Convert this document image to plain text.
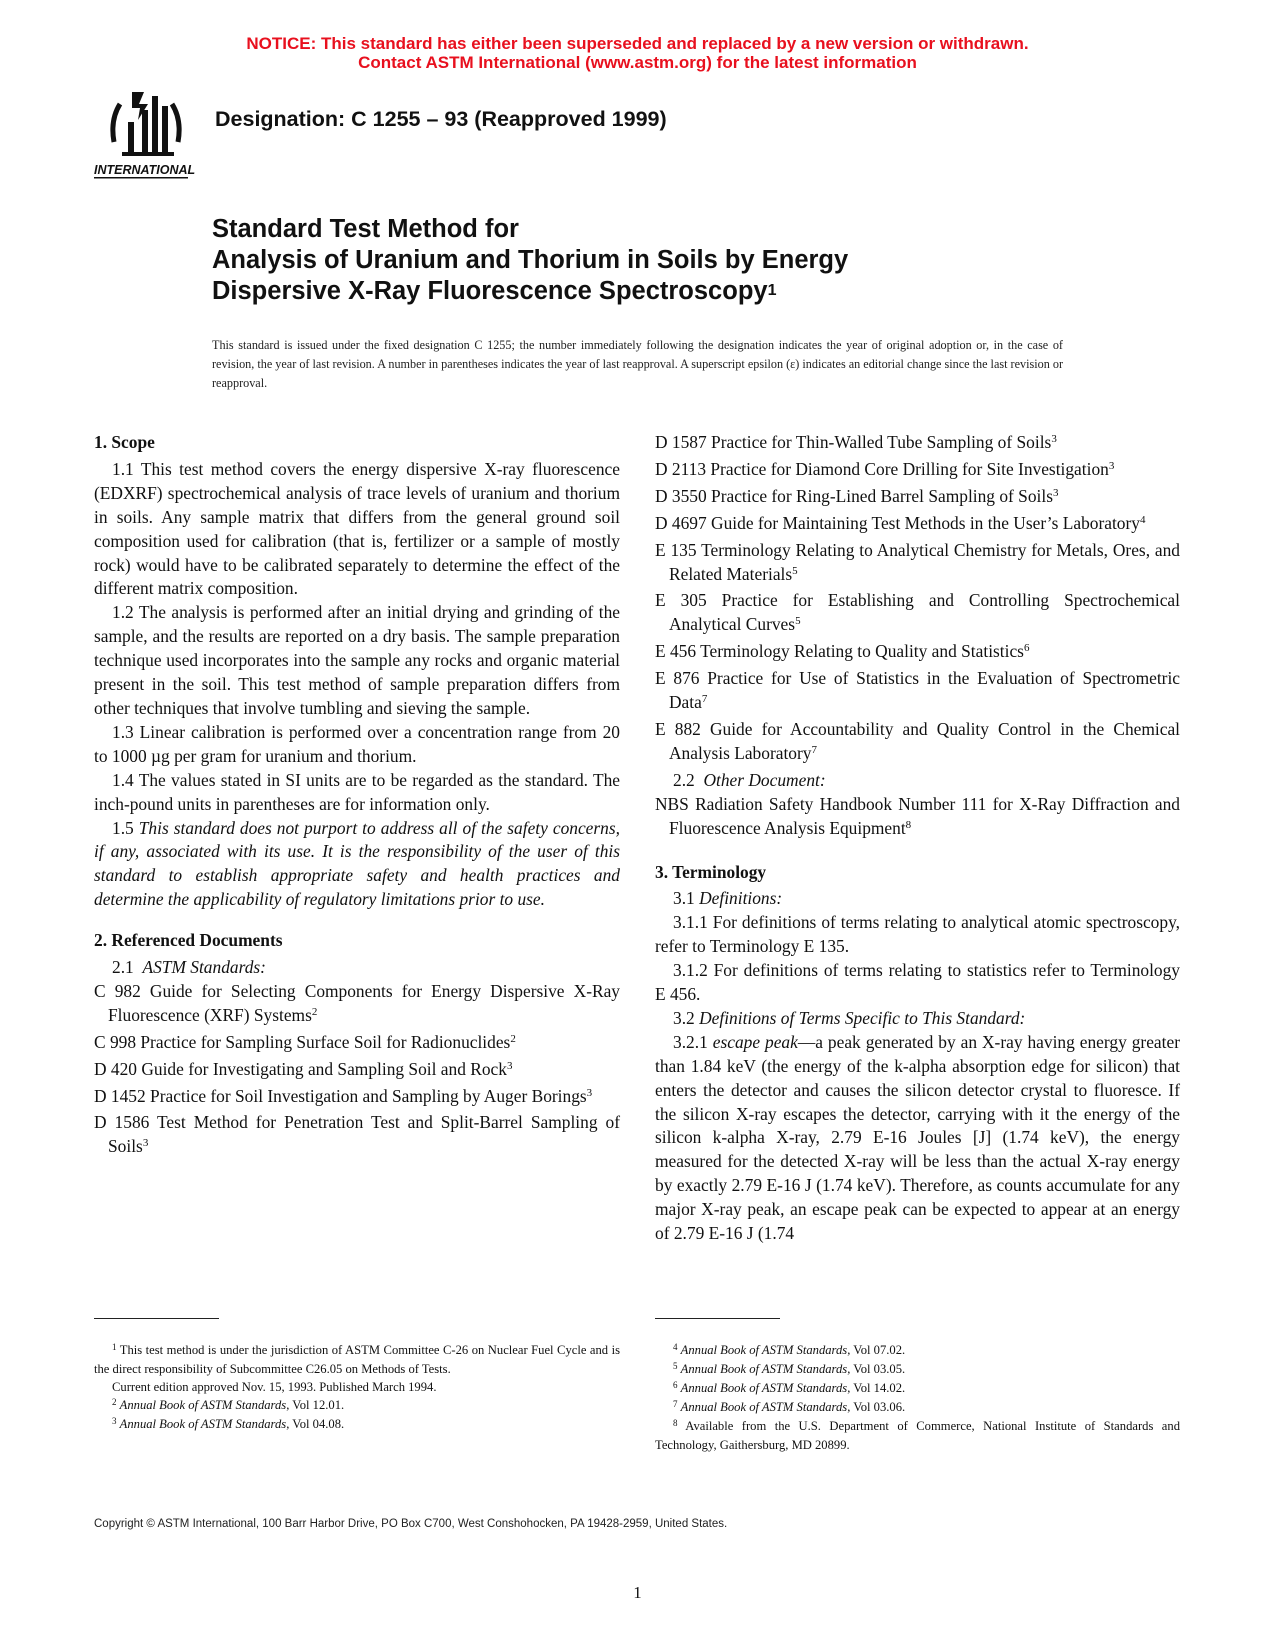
NOTICE: This standard has either been superseded and replaced by a new version or withdrawn.
Contact ASTM International (www.astm.org) for the latest information
INTERNATIONAL
Designation: C 1255 – 93 (Reapproved 1999)
Standard Test Method for
Analysis of Uranium and Thorium in Soils by Energy
Dispersive X-Ray Fluorescence Spectroscopy$^1$
This standard is issued under the fixed designation C 1255; the number immediately following the designation indicates the year of original adoption or, in the case of revision, the year of last revision. A number in parentheses indicates the year of last reapproval. A superscript epsilon (ε) indicates an editorial change since the last revision or reapproval.
1. Scope

1.1 This test method covers the energy dispersive X-ray fluorescence (EDXRF) spectrochemical analysis of trace levels of uranium and thorium in soils. Any sample matrix that differs from the general ground soil composition used for calibration (that is, fertilizer or a sample of mostly rock) would have to be calibrated separately to determine the effect of the different matrix composition.

1.2 The analysis is performed after an initial drying and grinding of the sample, and the results are reported on a dry basis. The sample preparation technique used incorporates into the sample any rocks and organic material present in the soil. This test method of sample preparation differs from other techniques that involve tumbling and sieving the sample.

1.3 Linear calibration is performed over a concentration range from 20 to 1000 µg per gram for uranium and thorium.

1.4 The values stated in SI units are to be regarded as the standard. The inch-pound units in parentheses are for information only.

1.5 This standard does not purport to address all of the safety concerns, if any, associated with its use. It is the responsibility of the user of this standard to establish appropriate safety and health practices and determine the applicability of regulatory limitations prior to use.

2. Referenced Documents

2.1 ASTM Standards:

C 982 Guide for Selecting Components for Energy Dispersive X-Ray Fluorescence (XRF) Systems$^2$

C 998 Practice for Sampling Surface Soil for Radionuclides$^2$

D 420 Guide for Investigating and Sampling Soil and Rock$^3$

D 1452 Practice for Soil Investigation and Sampling by Auger Borings$^3$

D 1586 Test Method for Penetration Test and Split-Barrel Sampling of Soils$^3$

D 1587 Practice for Thin-Walled Tube Sampling of Soils$^3$

D 2113 Practice for Diamond Core Drilling for Site Investigation$^3$

D 3550 Practice for Ring-Lined Barrel Sampling of Soils$^3$

D 4697 Guide for Maintaining Test Methods in the User’s Laboratory$^4$

E 135 Terminology Relating to Analytical Chemistry for Metals, Ores, and Related Materials$^5$

E 305 Practice for Establishing and Controlling Spectrochemical Analytical Curves$^5$

E 456 Terminology Relating to Quality and Statistics$^6$

E 876 Practice for Use of Statistics in the Evaluation of Spectrometric Data$^7$

E 882 Guide for Accountability and Quality Control in the Chemical Analysis Laboratory$^7$

2.2 Other Document:

NBS Radiation Safety Handbook Number 111 for X-Ray Diffraction and Fluorescence Analysis Equipment$^8$

3. Terminology

3.1 Definitions:

3.1.1 For definitions of terms relating to analytical atomic spectroscopy, refer to Terminology E 135.

3.1.2 For definitions of terms relating to statistics refer to Terminology E 456.

3.2 Definitions of Terms Specific to This Standard:

3.2.1 escape peak—a peak generated by an X-ray having energy greater than 1.84 keV (the energy of the k-alpha absorption edge for silicon) that enters the detector and causes the silicon detector crystal to fluoresce. If the silicon X-ray escapes the detector, carrying with it the energy of the silicon k-alpha X-ray, 2.79 E-16 Joules [J] (1.74 keV), the energy measured for the detected X-ray will be less than the actual X-ray energy by exactly 2.79 E-16 J (1.74 keV). Therefore, as counts accumulate for any major X-ray peak, an escape peak can be expected to appear at an energy of 2.79 E-16 J (1.74

$^1$ This test method is under the jurisdiction of ASTM Committee C-26 on Nuclear Fuel Cycle and is the direct responsibility of Subcommittee C26.05 on Methods of Tests.

Current edition approved Nov. 15, 1993. Published March 1994.

$^2$ Annual Book of ASTM Standards, Vol 12.01.

$^3$ Annual Book of ASTM Standards, Vol 04.08.

$^4$ Annual Book of ASTM Standards, Vol 07.02.

$^5$ Annual Book of ASTM Standards, Vol 03.05.

$^6$ Annual Book of ASTM Standards, Vol 14.02.

$^7$ Annual Book of ASTM Standards, Vol 03.06.

$^8$ Available from the U.S. Department of Commerce, National Institute of Standards and Technology, Gaithersburg, MD 20899.

Copyright © ASTM International, 100 Barr Harbor Drive, PO Box C700, West Conshohocken, PA 19428-2959, United States.
1
